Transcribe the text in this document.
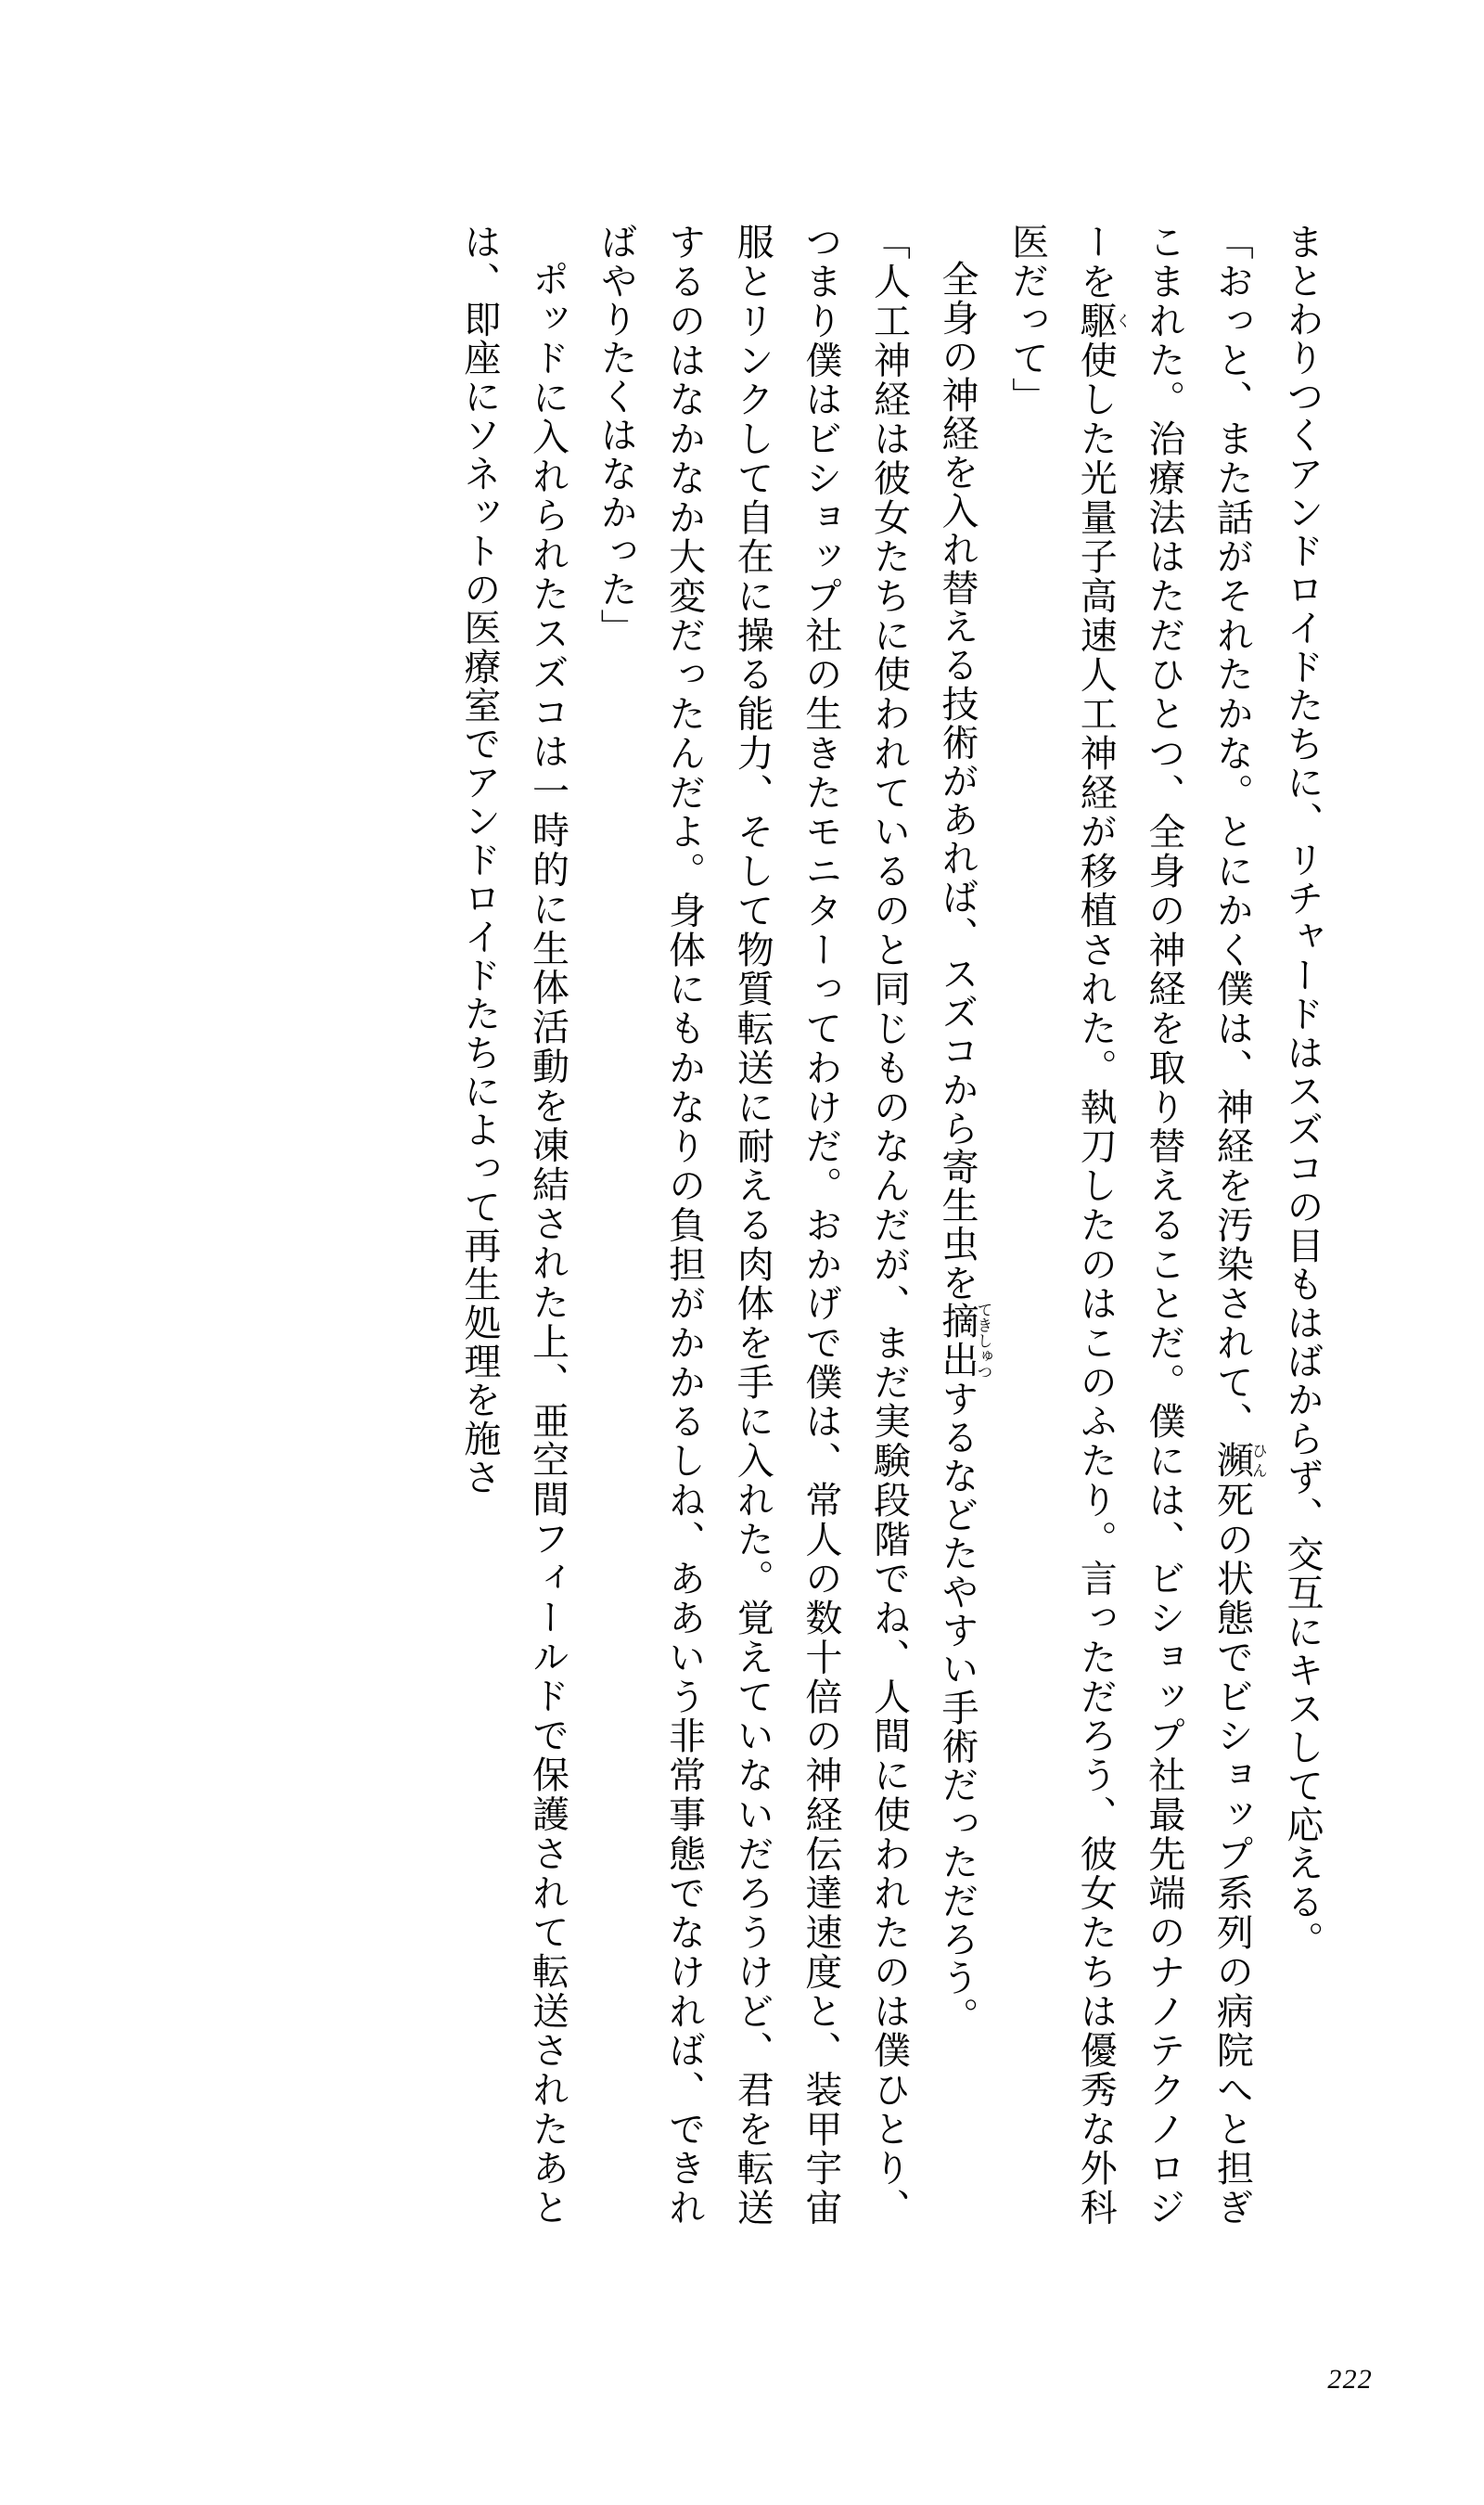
まとわりつくアンドロイドたちに、リチャードはスズコの目もはばからず、交互にキスして応える。

「おっと、また話がそれたかな。とにかく僕は、神経を汚染されて、瀕ひん死の状態でビショップ系列の病院へと担ぎこまれた。治療法はただひとつ、全身の神経を取り替えることだ。僕には、ビショップ社最先端のナノテクノロジーを駆く使した光量子高速人工神経が移植された。執刀したのはこのふたり。言っただろう、彼女たちは優秀な外科医だって」

全身の神経を入れ替える技術があれば、スズコから寄生虫を摘出てきしゅつするなどたやすい手術だっただろう。

「人工神経は彼女たちに使われているのと同じものなんだが、まだ実験段階でね、人間に使われたのは僕ひとり、つまり僕はビショップ社の生きたモニターってわけだ。おかげで僕は、常人の数十倍の神経伝達速度と、装甲宇宙服とリンクして自在に操る能力、そして物質転送に耐える肉体を手に入れた。覚えていないだろうけど、君を転送するのはなかなか大変だったんだよ。身体にもかなりの負担がかかるしね、ああいう非常事態でなければ、できればやりたくはなかった」

ポッドに入れられたスズコは一時的に生体活動を凍結された上、亜空間フィールドで保護されて転送されたあとは、即座にソネットの医療室でアンドロイドたちによって再生処理を施さ

222
